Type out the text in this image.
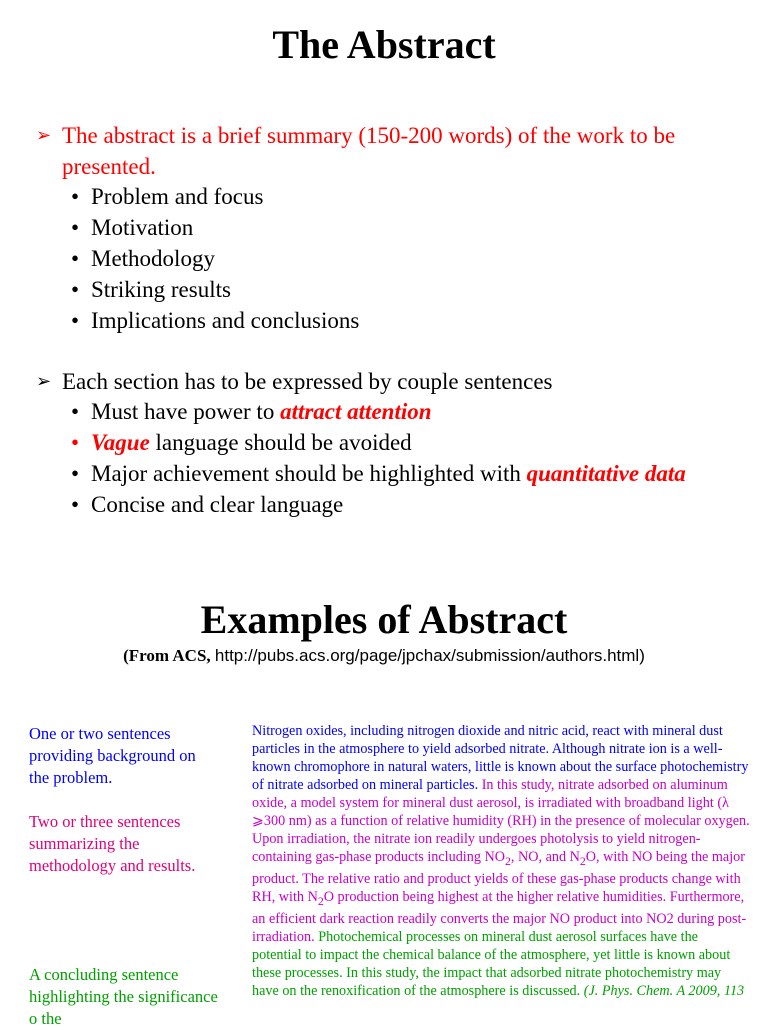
The Abstract
➢ The abstract is a brief summary (150-200 words) of the work to be presented.
• Problem and focus
• Motivation
• Methodology
• Striking results
• Implications and conclusions
➢ Each section has to be expressed by couple sentences
• Must have power to attract attention
• Vague language should be avoided
• Major achievement should be highlighted with quantitative data
• Concise and clear language
Examples of Abstract
(From ACS, http://pubs.acs.org/page/jpchax/submission/authors.html)
One or two sentences providing background on the problem.
Two or three sentences summarizing the methodology and results.
A concluding sentence highlighting the significance o the
Nitrogen oxides, including nitrogen dioxide and nitric acid, react with mineral dust particles in the atmosphere to yield adsorbed nitrate. Although nitrate ion is a well-known chromophore in natural waters, little is known about the surface photochemistry of nitrate adsorbed on mineral particles. In this study, nitrate adsorbed on aluminum oxide, a model system for mineral dust aerosol, is irradiated with broadband light (λ ⩾300 nm) as a function of relative humidity (RH) in the presence of molecular oxygen. Upon irradiation, the nitrate ion readily undergoes photolysis to yield nitrogen-containing gas-phase products including $NO_2$, NO, and $N_2O$, with NO being the major product. The relative ratio and product yields of these gas-phase products change with RH, with $N_2O$ production being highest at the higher relative humidities. Furthermore, an efficient dark reaction readily converts the major NO product into NO2 during post-irradiation. Photochemical processes on mineral dust aerosol surfaces have the potential to impact the chemical balance of the atmosphere, yet little is known about these processes. In this study, the impact that adsorbed nitrate photochemistry may have on the renoxification of the atmosphere is discussed. (J. Phys. Chem. A 2009, 113
